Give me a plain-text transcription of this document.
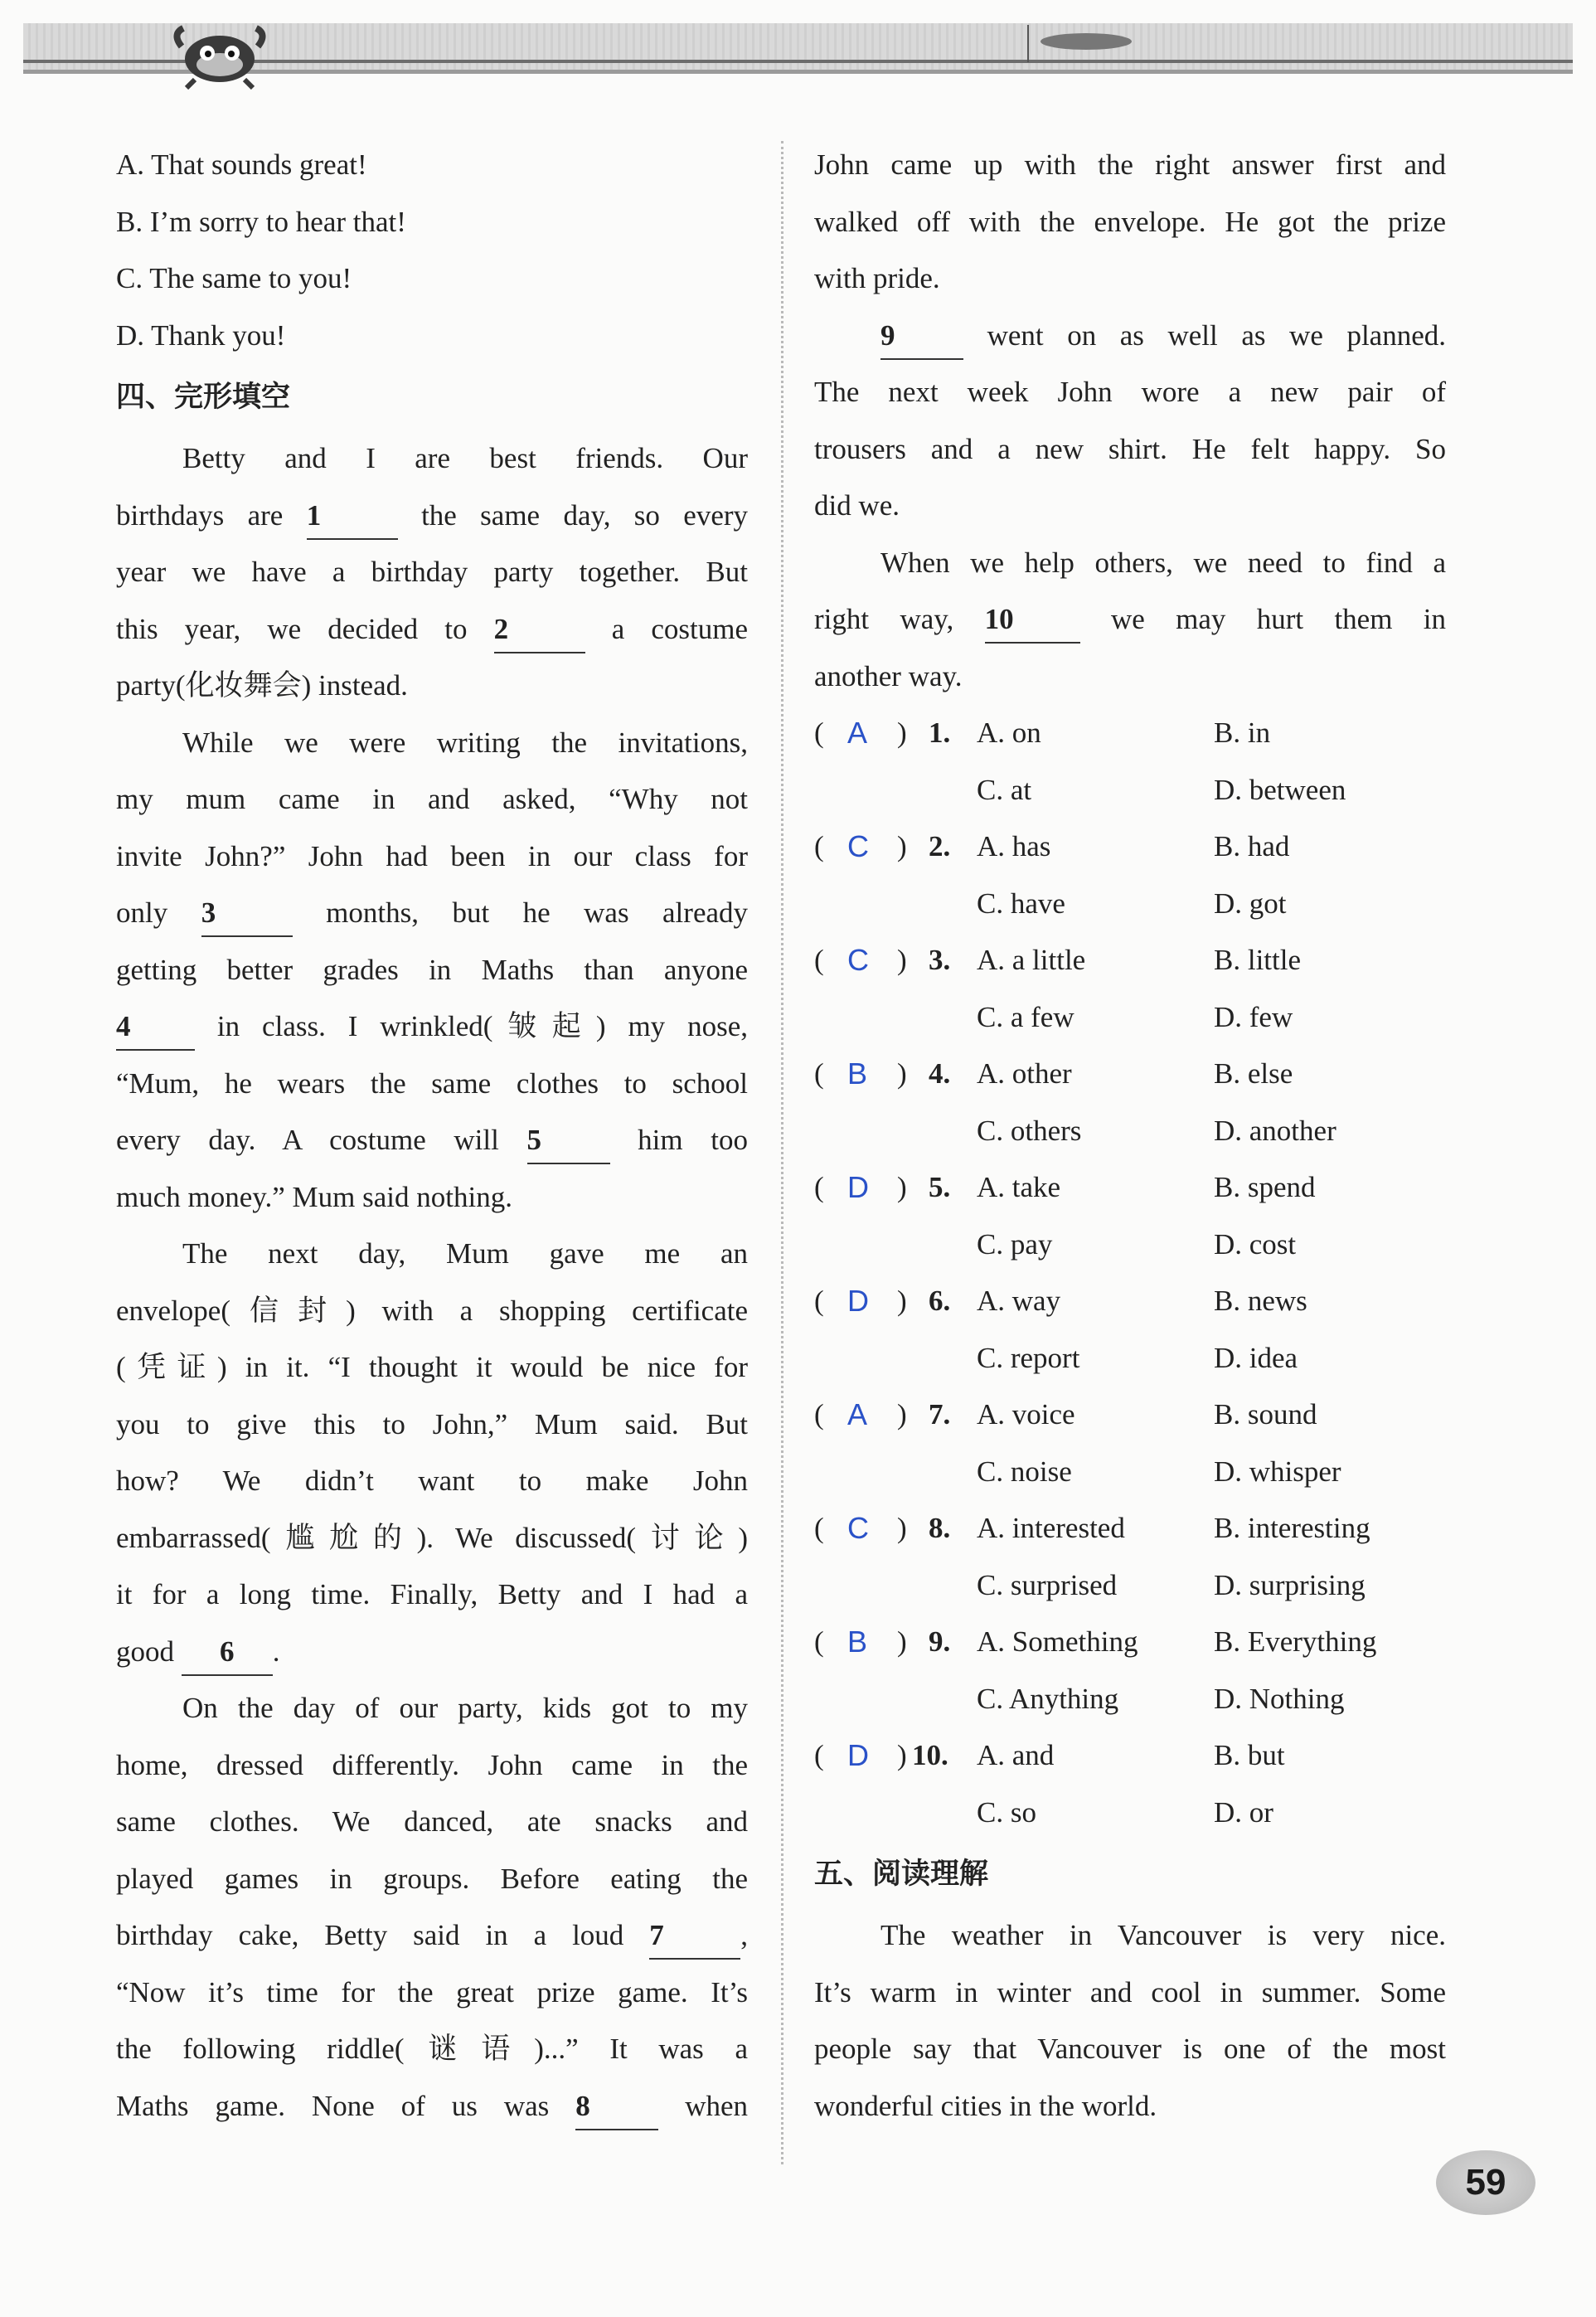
A. That sounds great!
B. I’m sorry to hear that!
C. The same to you!
D. Thank you!
四、完形填空
Betty and I are best friends. Our
birthdays are 1	the same day, so every
year we have a birthday party together. But
this year, we decided to 2	a costume
party(化妆舞会) instead.
While we were writing the invitations,
my mum came in and asked, “Why not
invite John?” John had been in our class for
only 3	months, but he was already
getting better grades in Maths than anyone
4	in class. I wrinkled(皱起) my nose,
“Mum, he wears the same clothes to school
every day. A costume will 5	him too
much money.” Mum said nothing.
The next day, Mum gave me an
envelope(信封) with a shopping certificate
(凭证) in it. “I thought it would be nice for
you to give this to John,” Mum said. But
how? We didn’t want to make John
embarrassed(尴尬的). We discussed(讨论)
it for a long time. Finally, Betty and I had a
good 6 .
On the day of our party, kids got to my
home, dressed differently. John came in the
same clothes. We danced, ate snacks and
played games in groups. Before eating the
birthday cake, Betty said in a loud 7	,
“Now it’s time for the great prize game. It’s
the following riddle(谜语)...” It was a
Maths game. None of us was 8	when
John came up with the right answer first and
walked off with the envelope. He got the prize
with pride.
9	went on as well as we planned.
The next week John wore a new pair of
trousers and a new shirt. He felt happy. So
did we.
When we help others, we need to find a
right way, 10	we may hurt them in
another way.
( A ) 1. A. on	B. in
C. at	D. between
( C ) 2. A. has	B. had
C. have	D. got
( C ) 3. A. a little	B. little
C. a few	D. few
( B ) 4. A. other	B. else
C. others	D. another
( D ) 5. A. take	B. spend
C. pay	D. cost
( D ) 6. A. way	B. news
C. report	D. idea
( A ) 7. A. voice	B. sound
C. noise	D. whisper
( C ) 8. A. interested	B. interesting
C. surprised	D. surprising
( B ) 9. A. Something	B. Everything
C. Anything	D. Nothing
( D ) 10. A. and	B. but
C. so	D. or
五、阅读理解
The weather in Vancouver is very nice.
It’s warm in winter and cool in summer. Some
people say that Vancouver is one of the most
wonderful cities in the world.
59
